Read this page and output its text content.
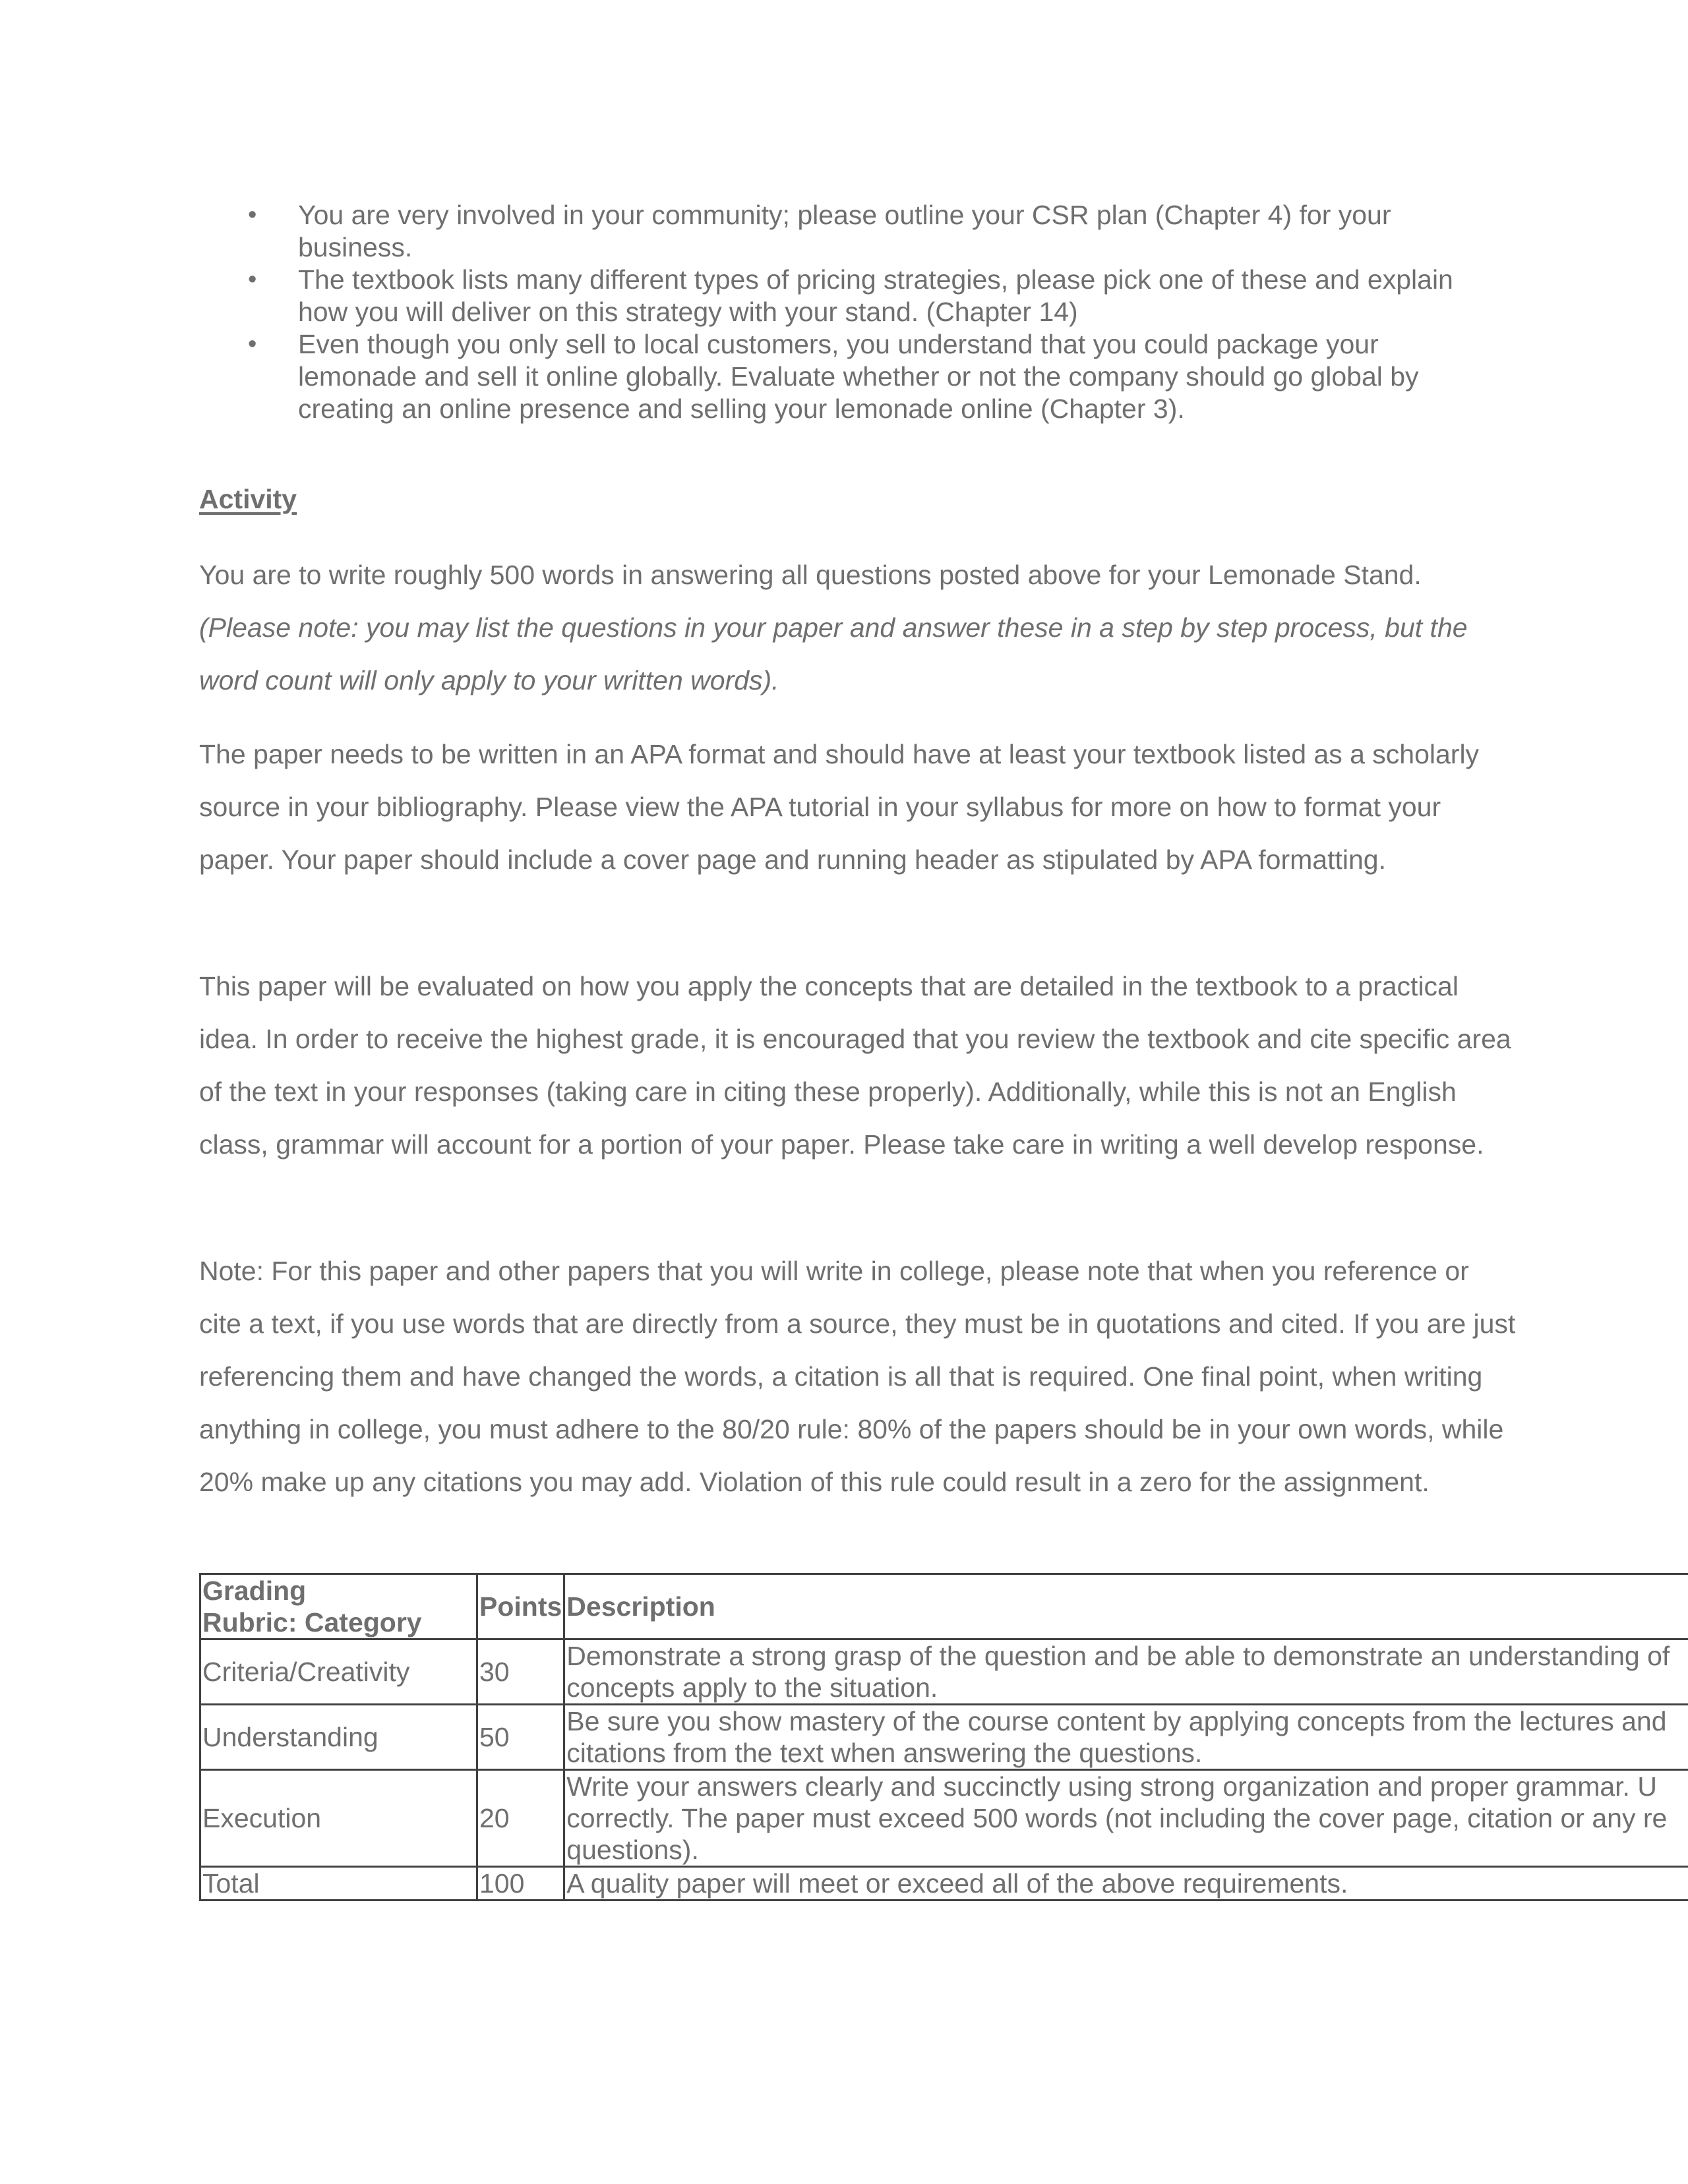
• You are very involved in your community; please outline your CSR plan (Chapter 4) for your business.
• The textbook lists many different types of pricing strategies, please pick one of these and explain how you will deliver on this strategy with your stand. (Chapter 14)
• Even though you only sell to local customers, you understand that you could package your lemonade and sell it online globally. Evaluate whether or not the company should go global by creating an online presence and selling your lemonade online (Chapter 3).
Activity

You are to write roughly 500 words in answering all questions posted above for your Lemonade Stand. (Please note: you may list the questions in your paper and answer these in a step by step process, but the word count will only apply to your written words).

The paper needs to be written in an APA format and should have at least your textbook listed as a scholarly source in your bibliography. Please view the APA tutorial in your syllabus for more on how to format your paper. Your paper should include a cover page and running header as stipulated by APA formatting.

This paper will be evaluated on how you apply the concepts that are detailed in the textbook to a practical idea. In order to receive the highest grade, it is encouraged that you review the textbook and cite specific area of the text in your responses (taking care in citing these properly). Additionally, while this is not an English class, grammar will account for a portion of your paper. Please take care in writing a well develop response.

Note: For this paper and other papers that you will write in college, please note that when you reference or cite a text, if you use words that are directly from a source, they must be in quotations and cited. If you are just referencing them and have changed the words, a citation is all that is required. One final point, when writing anything in college, you must adhere to the 80/20 rule: 80% of the papers should be in your own words, while 20% make up any citations you may add. Violation of this rule could result in a zero for the assignment.

Grading
Rubric: Category	Points	Description
Criteria/Creativity	30	Demonstrate a strong grasp of the question and be able to demonstrate an understanding of
concepts apply to the situation.

Understanding	50	Be sure you show mastery of the course content by applying concepts from the lectures and
citations from the text when answering the questions.

Execution	20	Write your answers clearly and succinctly using strong organization and proper grammar. U
correctly. The paper must exceed 500 words (not including the cover page, citation or any re
questions).

Total	100	A quality paper will meet or exceed all of the above requirements.
